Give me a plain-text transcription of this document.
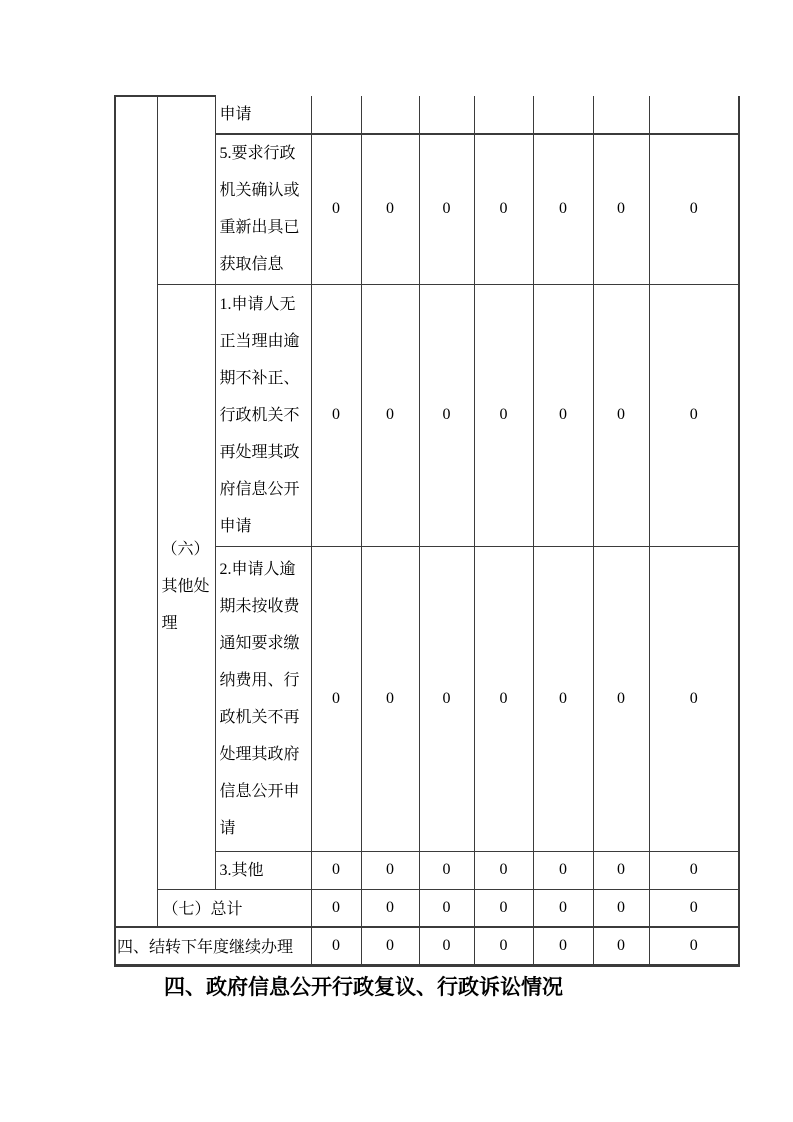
		申请							
		5.要求行政机关确认或重新出具已获取信息	0	0	0	0	0	0	0
	（六）其他处理	1.申请人无正当理由逾期不补正、行政机关不再处理其政府信息公开申请	0	0	0	0	0	0	0
		2.申请人逾期未按收费通知要求缴纳费用、行政机关不再处理其政府信息公开申请	0	0	0	0	0	0	0
		3.其他	0	0	0	0	0	0	0
	（七）总计		0	0	0	0	0	0	0
四、结转下年度继续办理			0	0	0	0	0	0	0
四、政府信息公开行政复议、行政诉讼情况
